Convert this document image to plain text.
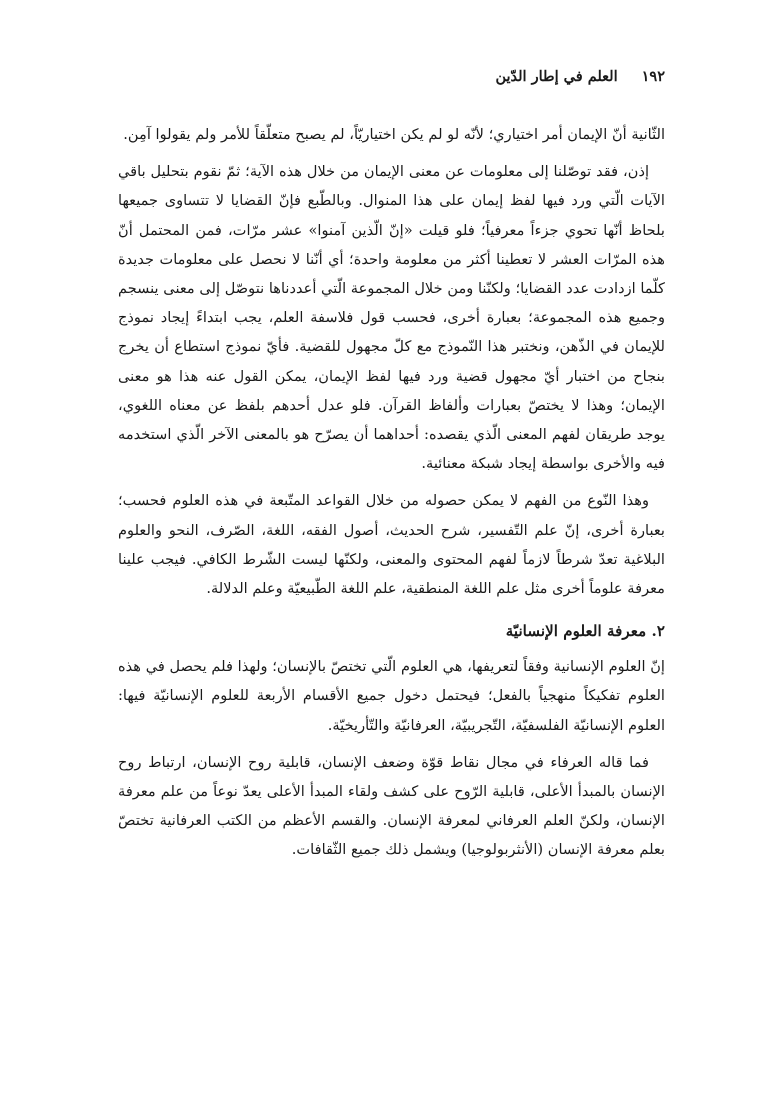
١٩٢
العلم في إطار الدّين

الثّانية أنّ الإيمان أمر اختياري؛ لأنّه لو لم يكن اختياريّاً، لم يصبح متعلّقاً للأمر ولم يقولوا آمِن.

إذن، فقد توصّلنا إلى معلومات عن معنى الإيمان من خلال هذه الآية؛ ثمّ نقوم بتحليل باقي الآيات الّتي ورد فيها لفظ إيمان على هذا المنوال. وبالطّبع فإنّ القضايا لا تتساوى جميعها بلحاظ أنّها تحوي جزءاً معرفياً؛ فلو قيلت «إنّ الّذين آمنوا» عشر مرّات، فمن المحتمل أنّ هذه المرّات العشر لا تعطينا أكثر من معلومة واحدة؛ أي أنّنا لا نحصل على معلومات جديدة كلّما ازدادت عدد القضايا؛ ولكنّنا ومن خلال المجموعة الّتي أعددناها نتوصّل إلى معنى ينسجم وجميع هذه المجموعة؛ بعبارة أخرى، فحسب قول فلاسفة العلم، يجب ابتداءً إيجاد نموذج للإيمان في الذّهن، ونختبر هذا النّموذج مع كلّ مجهول للقضية. فأيّ نموذج استطاع أن يخرج بنجاح من اختبار أيّ مجهول قضية ورد فيها لفظ الإيمان، يمكن القول عنه هذا هو معنى الإيمان؛ وهذا لا يختصّ بعبارات وألفاظ القرآن. فلو عدل أحدهم بلفظ عن معناه اللغوي، يوجد طريقان لفهم المعنى الّذي يقصده: أحداهما أن يصرّح هو بالمعنى الآخر الّذي استخدمه فيه والأخرى بواسطة إيجاد شبكة معنائية.

وهذا النّوع من الفهم لا يمكن حصوله من خلال القواعد المتّبعة في هذه العلوم فحسب؛ بعبارة أخرى، إنّ علم التّفسير، شرح الحديث، أصول الفقه، اللغة، الصّرف، النحو والعلوم البلاغية تعدّ شرطاً لازماً لفهم المحتوى والمعنى، ولكنّها ليست الشّرط الكافي. فيجب علينا معرفة علوماً أخرى مثل علم اللغة المنطقية، علم اللغة الطّبيعيّة وعلم الدلالة.

٢. معرفة العلوم الإنسانيّة

إنّ العلوم الإنسانية وفقاً لتعريفها، هي العلوم الّتي تختصّ بالإنسان؛ ولهذا فلم يحصل في هذه العلوم تفكيكاً منهجياً بالفعل؛ فيحتمل دخول جميع الأقسام الأربعة للعلوم الإنسانيّة فيها: العلوم الإنسانيّة الفلسفيّة، التّجريبيّة، العرفانيّة والتّأريخيّة.

فما قاله العرفاء في مجال نقاط قوّة وضعف الإنسان، قابلية روح الإنسان، ارتباط روح الإنسان بالمبدأ الأعلى، قابلية الرّوح على كشف ولقاء المبدأ الأعلى يعدّ نوعاً من علم معرفة الإنسان، ولكنّ العلم العرفاني لمعرفة الإنسان. والقسم الأعظم من الكتب العرفانية تختصّ بعلم معرفة الإنسان (الأنثربولوجيا) ويشمل ذلك جميع الثّقافات.
